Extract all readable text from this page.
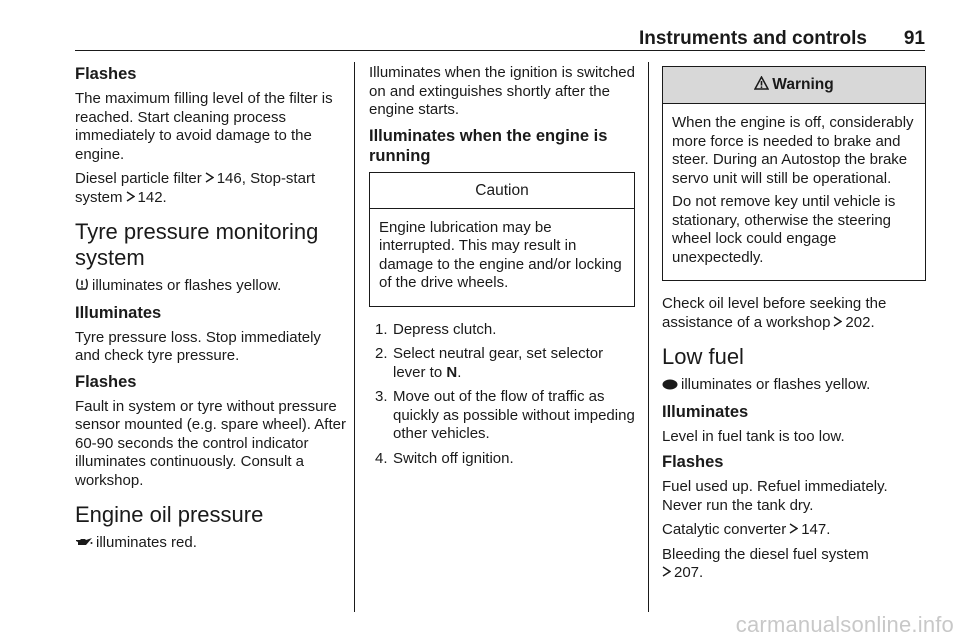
Instruments and controls 91
Flashes
The maximum filling level of the filter is reached. Start cleaning process immediately to avoid damage to the engine.
Diesel particle filter 146, Stop-start system 142.
Tyre pressure monitoring system
illuminates or flashes yellow.
Illuminates
Tyre pressure loss. Stop immediately and check tyre pressure.
Flashes
Fault in system or tyre without pressure sensor mounted (e.g. spare wheel). After 60-90 seconds the control indicator illuminates continuously. Consult a workshop.
Engine oil pressure
illuminates red.
Illuminates when the ignition is switched on and extinguishes shortly after the engine starts.
Illuminates when the engine is running
Caution
Engine lubrication may be interrupted. This may result in damage to the engine and/or locking of the drive wheels.
1. Depress clutch.
2. Select neutral gear, set selector lever to N.
3. Move out of the flow of traffic as quickly as possible without impeding other vehicles.
4. Switch off ignition.
Warning
When the engine is off, considerably more force is needed to brake and steer. During an Autostop the brake servo unit will still be operational.
Do not remove key until vehicle is stationary, otherwise the steering wheel lock could engage unexpectedly.
Check oil level before seeking the assistance of a workshop 202.
Low fuel
illuminates or flashes yellow.
Illuminates
Level in fuel tank is too low.
Flashes
Fuel used up. Refuel immediately. Never run the tank dry.
Catalytic converter 147.
Bleeding the diesel fuel system
207.
carmanualsonline.info
